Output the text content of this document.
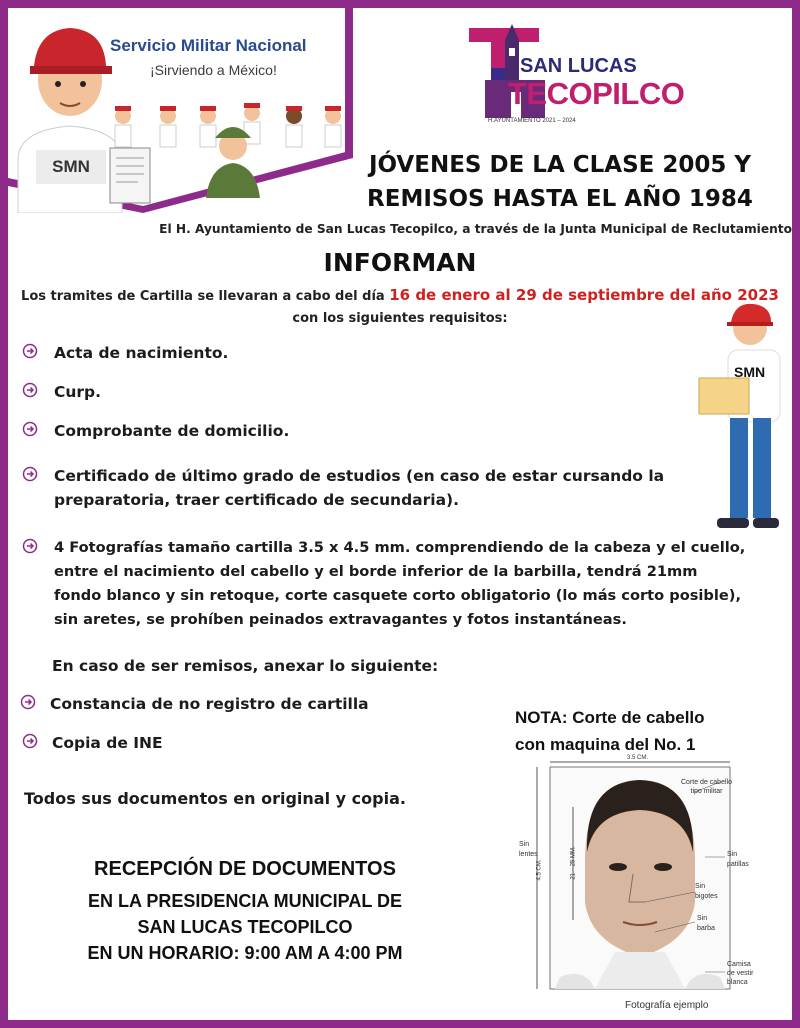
Servicio Militar Nacional
¡Sirviendo a México!
SMN
SAN LUCAS
TECOPILCO
H.AYUNTAMIENTO 2021 – 2024
JÓVENES DE LA CLASE 2005 Y
REMISOS HASTA EL AÑO 1984
El H. Ayuntamiento de San Lucas Tecopilco, a través de la Junta Municipal de Reclutamiento
INFORMAN
Los tramites de Cartilla se llevaran a cabo del día 16 de enero al 29 de septiembre del año 2023
con los siguientes requisitos:
Acta de nacimiento.
Curp.
Comprobante de domicilio.
Certificado de último grado de estudios (en caso de estar cursando la
preparatoria, traer certificado de secundaria).
4 Fotografías tamaño cartilla 3.5 x 4.5 mm. comprendiendo de la cabeza y el cuello,
entre el nacimiento del cabello y el borde inferior de la barbilla, tendrá 21mm
fondo blanco y sin retoque, corte casquete corto obligatorio (lo más corto posible),
sin aretes, se prohíben peinados extravagantes y fotos instantáneas.
En caso de ser remisos, anexar lo siguiente:
Constancia de no registro de cartilla
Copia de INE
Todos sus documentos en original y copia.
RECEPCIÓN DE DOCUMENTOS
EN LA PRESIDENCIA MUNICIPAL DE
SAN LUCAS TECOPILCO
EN UN HORARIO: 9:00 AM A 4:00 PM
SMN
NOTA: Corte de cabello
con maquina del No. 1
3.5 CM.
4.5 CM.	21 – 25 MM.
Corte de cabello
tipo militar
Sin
lentes	Sin
patillas
Sin
bigotes
Sin
barba
Camisa
de vestir
blanca
Fotografía ejemplo
